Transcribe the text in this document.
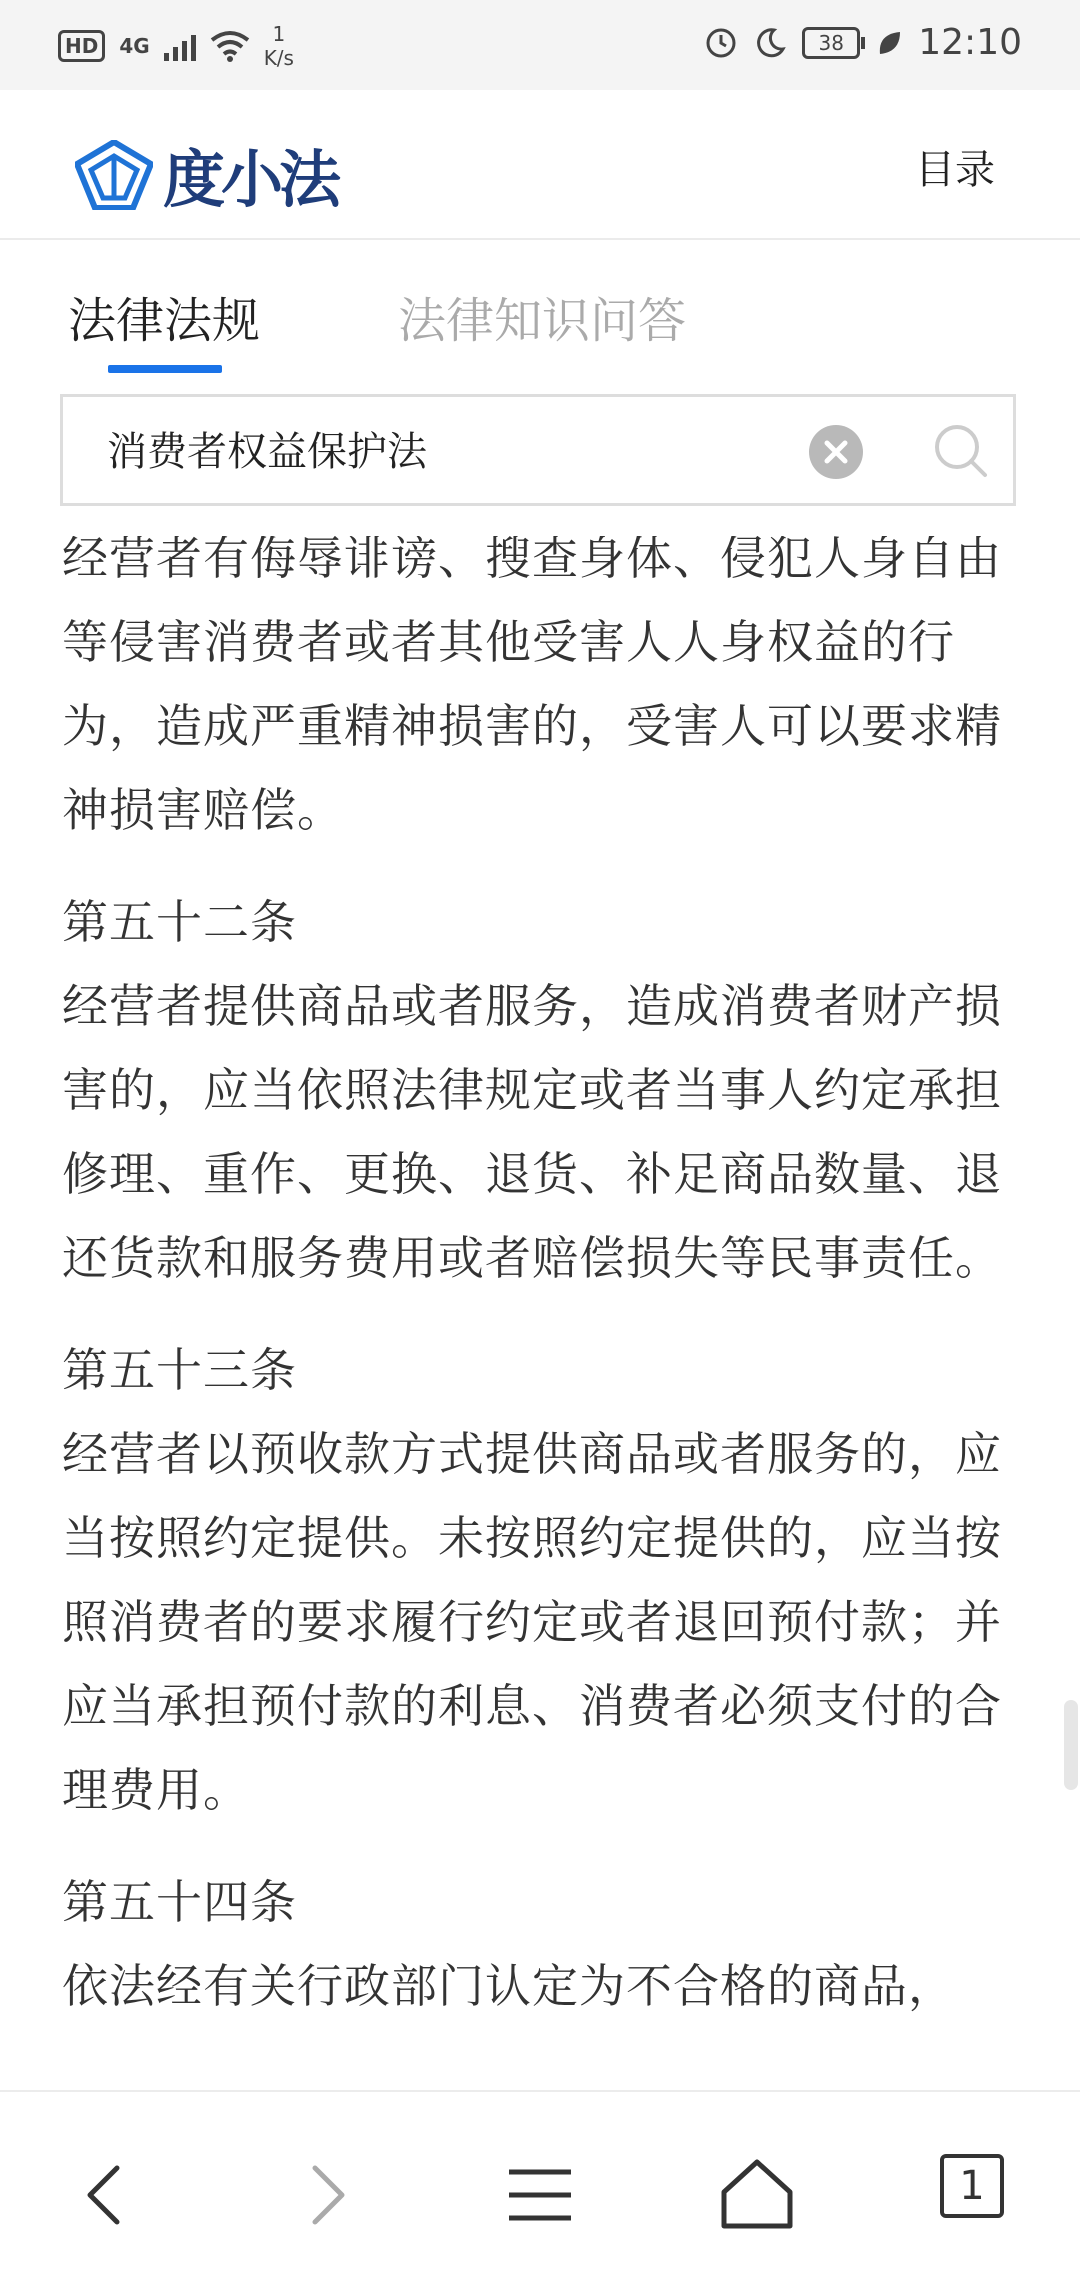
HD	4G	1
K/s
38	12:10
度小法	目录
法律法规	法律知识问答
消费者权益保护法

经营者有侮辱诽谤、搜查身体、侵犯人身自由等侵害消费者或者其他受害人人身权益的行为，造成严重精神损害的，受害人可以要求精神损害赔偿。

第五十二条

经营者提供商品或者服务，造成消费者财产损害的，应当依照法律规定或者当事人约定承担修理、重作、更换、退货、补足商品数量、退还货款和服务费用或者赔偿损失等民事责任。

第五十三条

经营者以预收款方式提供商品或者服务的，应当按照约定提供。未按照约定提供的，应当按照消费者的要求履行约定或者退回预付款；并应当承担预付款的利息、消费者必须支付的合理费用。

第五十四条

依法经有关行政部门认定为不合格的商品，

1
